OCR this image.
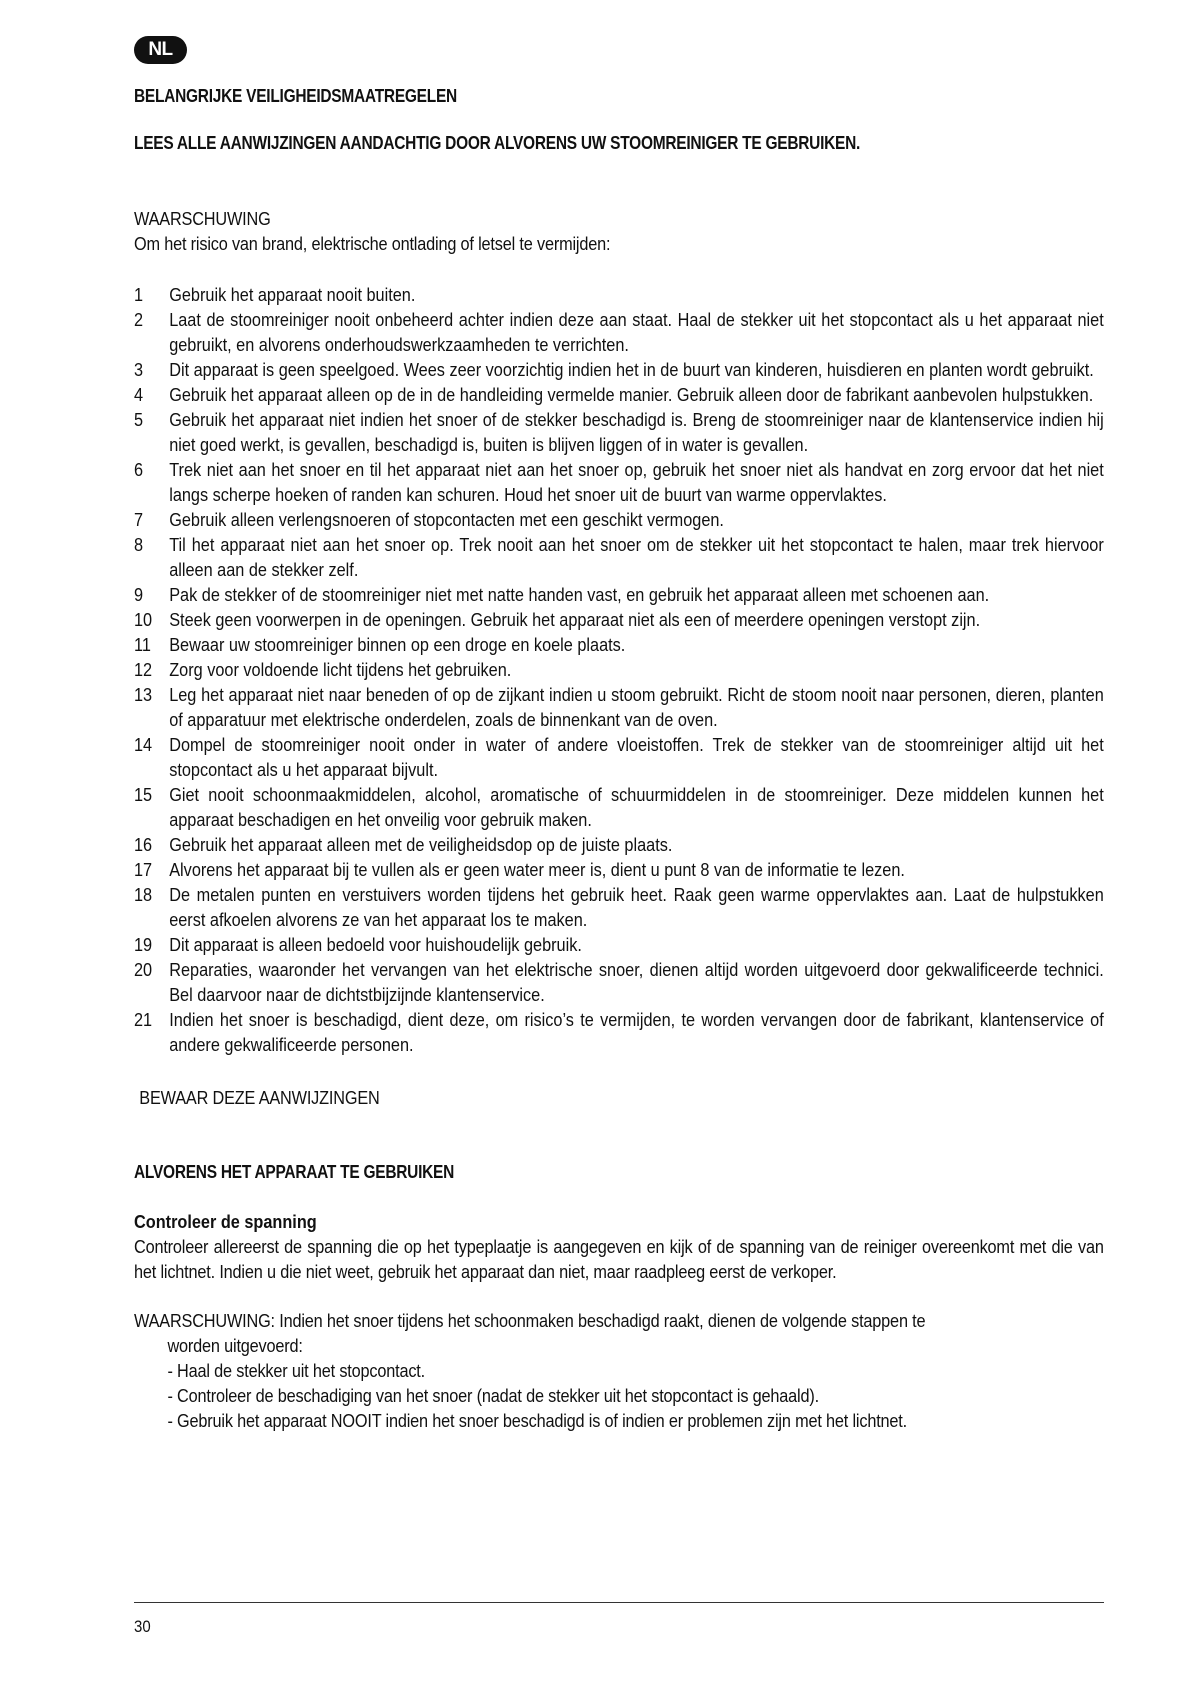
NL
BELANGRIJKE VEILIGHEIDSMAATREGELEN
LEES ALLE AANWIJZINGEN AANDACHTIG DOOR ALVORENS UW STOOMREINIGER TE GEBRUIKEN.
WAARSCHUWING
Om het risico van brand, elektrische ontlading of letsel te vermijden:
1	Gebruik het apparaat nooit buiten.
2	Laat de stoomreiniger nooit onbeheerd achter indien deze aan staat. Haal de stekker uit het stopcontact als u het apparaat niet gebruikt, en alvorens onderhoudswerkzaamheden te verrichten.
3	Dit apparaat is geen speelgoed. Wees zeer voorzichtig indien het in de buurt van kinderen, huisdieren en planten wordt gebruikt.
4	Gebruik het apparaat alleen op de in de handleiding vermelde manier. Gebruik alleen door de fabrikant aanbevolen hulpstukken.
5	Gebruik het apparaat niet indien het snoer of de stekker beschadigd is. Breng de stoomreiniger naar de klantenservice indien hij niet goed werkt, is gevallen, beschadigd is, buiten is blijven liggen of in water is gevallen.
6	Trek niet aan het snoer en til het apparaat niet aan het snoer op, gebruik het snoer niet als handvat en zorg ervoor dat het niet langs scherpe hoeken of randen kan schuren. Houd het snoer uit de buurt van warme oppervlaktes.
7	Gebruik alleen verlengsnoeren of stopcontacten met een geschikt vermogen.
8	Til het apparaat niet aan het snoer op. Trek nooit aan het snoer om de stekker uit het stopcontact te halen, maar trek hiervoor alleen aan de stekker zelf.
9	Pak de stekker of de stoomreiniger niet met natte handen vast, en gebruik het apparaat alleen met schoenen aan.
10 Steek geen voorwerpen in de openingen. Gebruik het apparaat niet als een of meerdere openingen verstopt zijn.
11 Bewaar uw stoomreiniger binnen op een droge en koele plaats.
12 Zorg voor voldoende licht tijdens het gebruiken.
13 Leg het apparaat niet naar beneden of op de zijkant indien u stoom gebruikt. Richt de stoom nooit naar personen, dieren, planten of apparatuur met elektrische onderdelen, zoals de binnenkant van de oven.
14 Dompel de stoomreiniger nooit onder in water of andere vloeistoffen. Trek de stekker van de stoomreiniger altijd uit het stopcontact als u het apparaat bijvult.
15 Giet nooit schoonmaakmiddelen, alcohol, aromatische of schuurmiddelen in de stoomreiniger. Deze middelen kunnen het apparaat beschadigen en het onveilig voor gebruik maken.
16 Gebruik het apparaat alleen met de veiligheidsdop op de juiste plaats.
17 Alvorens het apparaat bij te vullen als er geen water meer is, dient u punt 8 van de informatie te lezen.
18 De metalen punten en verstuivers worden tijdens het gebruik heet. Raak geen warme oppervlaktes aan. Laat de hulpstukken eerst afkoelen alvorens ze van het apparaat los te maken.
19 Dit apparaat is alleen bedoeld voor huishoudelijk gebruik.
20 Reparaties, waaronder het vervangen van het elektrische snoer, dienen altijd worden uitgevoerd door gekwalificeerde technici. Bel daarvoor naar de dichtstbijzijnde klantenservice.
21 Indien het snoer is beschadigd, dient deze, om risico’s te vermijden, te worden vervangen door de fabrikant, klantenservice of andere gekwalificeerde personen.
BEWAAR DEZE AANWIJZINGEN
ALVORENS HET APPARAAT TE GEBRUIKEN
Controleer de spanning
Controleer allereerst de spanning die op het typeplaatje is aangegeven en kijk of de spanning van de reiniger overeenkomt met die van het lichtnet. Indien u die niet weet, gebruik het apparaat dan niet, maar raadpleeg eerst de verkoper.
WAARSCHUWING: Indien het snoer tijdens het schoonmaken beschadigd raakt, dienen de volgende stappen te
worden uitgevoerd:
- Haal de stekker uit het stopcontact.
- Controleer de beschadiging van het snoer (nadat de stekker uit het stopcontact is gehaald).
- Gebruik het apparaat NOOIT indien het snoer beschadigd is of indien er problemen zijn met het lichtnet.
30
